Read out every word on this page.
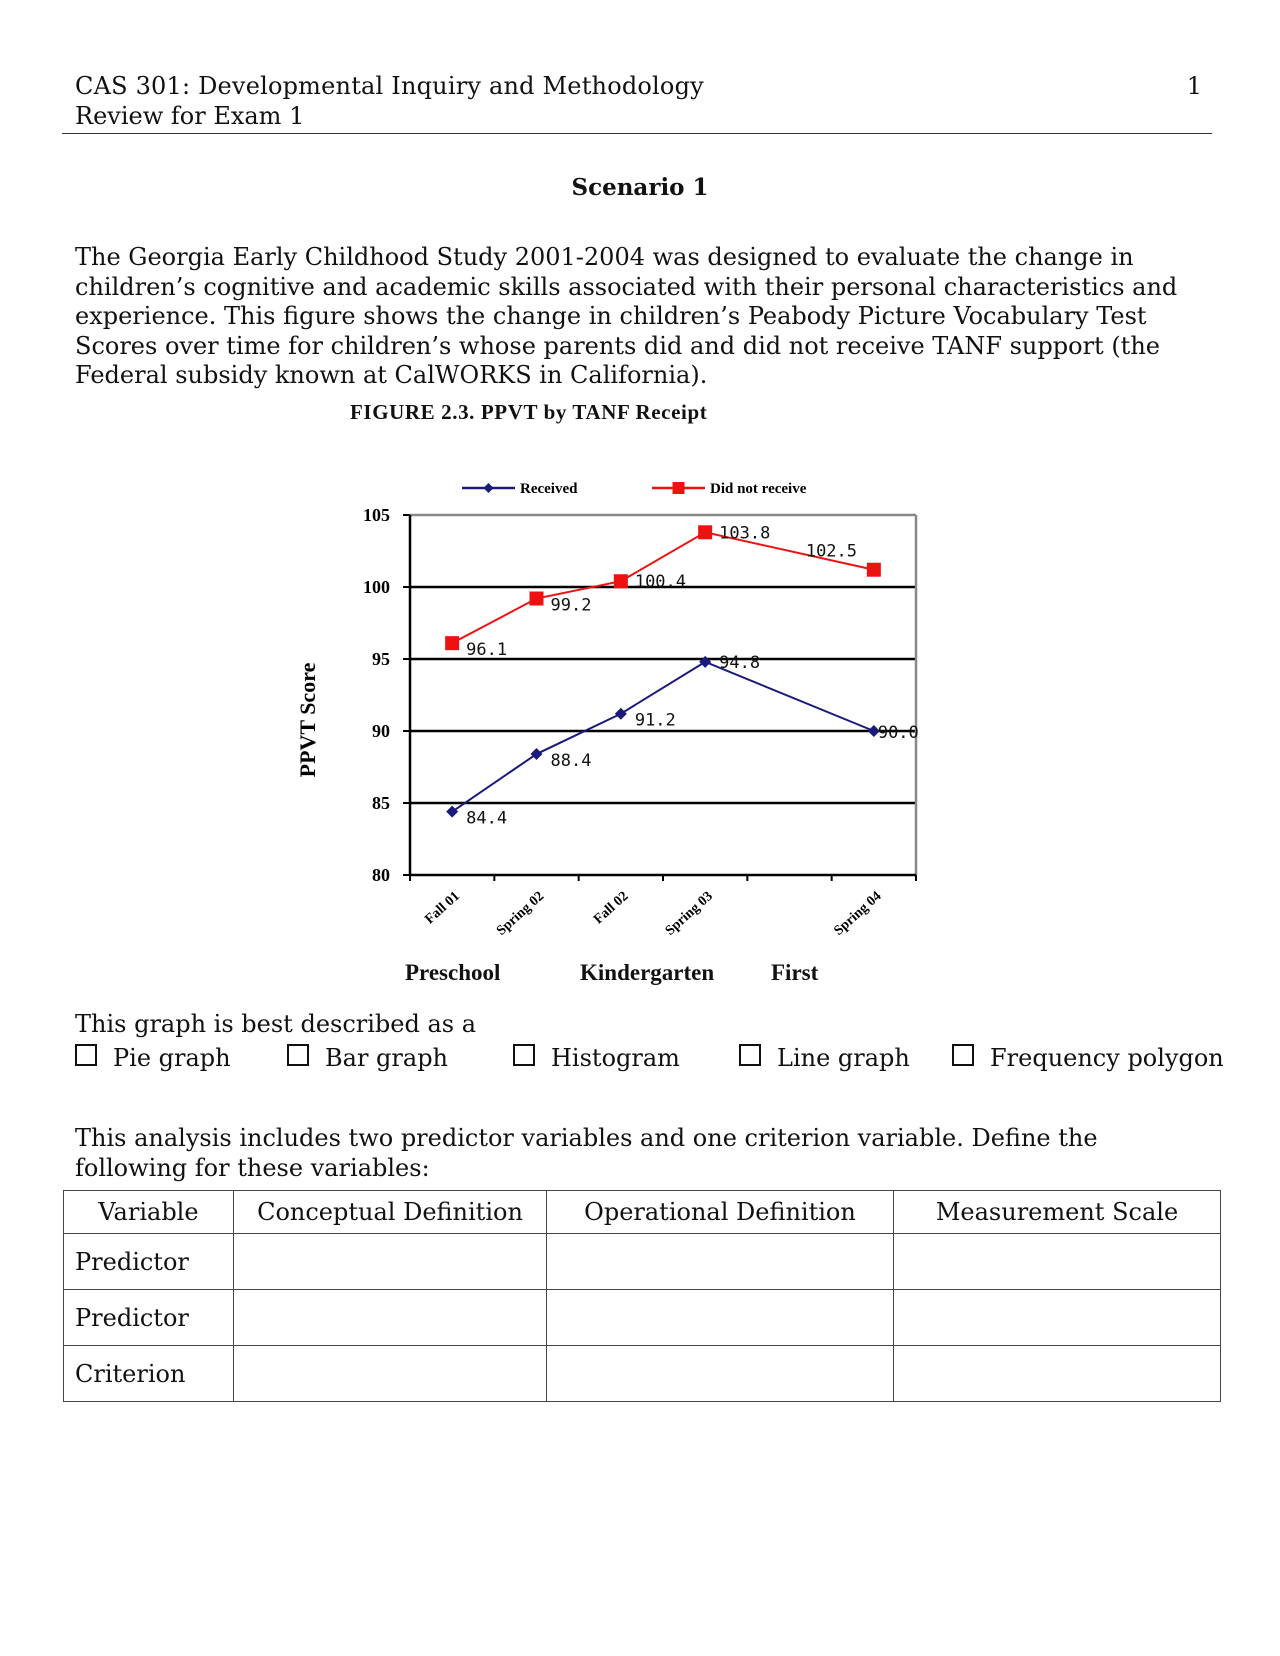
CAS 301: Developmental Inquiry and Methodology
Review for Exam 1
1
Scenario 1
The Georgia Early Childhood Study 2001-2004 was designed to evaluate the change in children’s cognitive and academic skills associated with their personal characteristics and experience. This figure shows the change in children’s Peabody Picture Vocabulary Test Scores over time for children’s whose parents did and did not receive TANF support (the Federal subsidy known at CalWORKS in California).
FIGURE 2.3. PPVT by TANF Receipt
80
85
90
95
100
105
Fall 01 Spring 02	Fall 02 Spring 03	Spring 04
PPVT Score
84.4
88.4
91.2
94.8
90.0
96.1
99.2
100.4
103.8
102.5
Received	Did not receive
Preschool	Kindergarten First
This graph is best described as a
Pie graph	Bar graph	Histogram	Line graph	Frequency polygon
This analysis includes two predictor variables and one criterion variable. Define the following for these variables:
Variable	Conceptual Definition	Operational Definition	Measurement Scale
Predictor			
Predictor			
Criterion			
